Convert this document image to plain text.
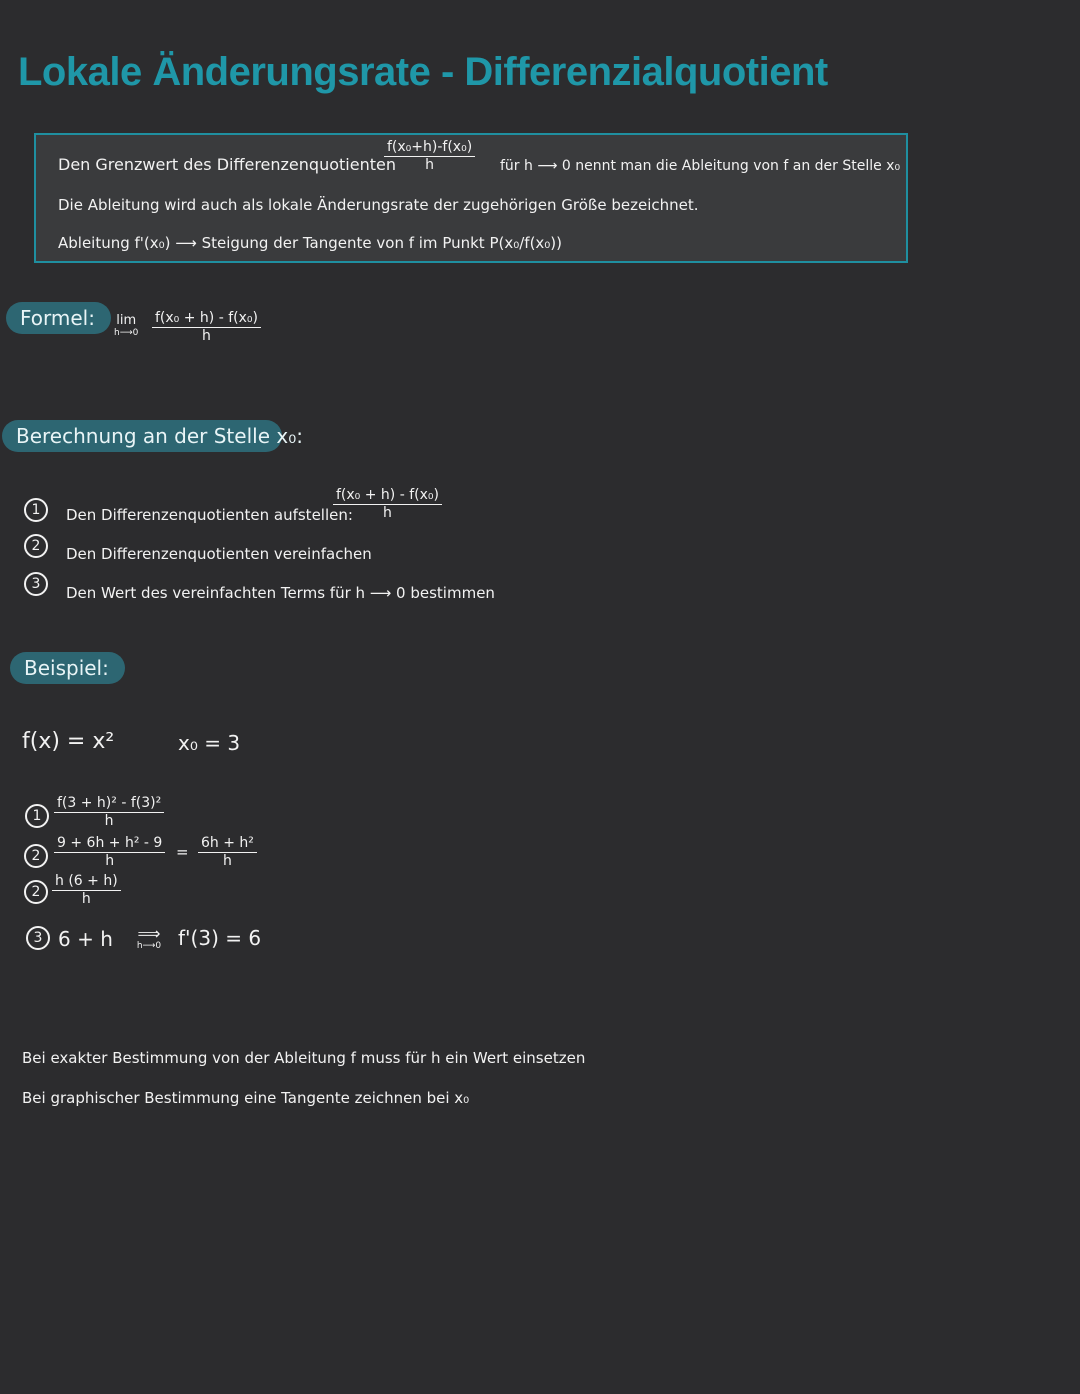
Lokale Änderungsrate - Differenzialquotient
Den Grenzwert des Differenzenquotienten
$\frac{\text{f(x₀+h)-f(x₀)}}{h}$ für h ⟶ 0 nennt man die Ableitung von f an der Stelle x₀
Die Ableitung wird auch als lokale Änderungsrate der zugehörigen Größe bezeichnet.
Ableitung f'(x₀) ⟶ Steigung der Tangente von f im Punkt P(x₀/f(x₀))
Formel:	lim
h⟶0 $\frac{\text{f(x₀ + h) - f(x₀)}}{h}$
Berechnung an der Stelle x₀:
$\frac{\text{f(x₀ + h) - f(x₀)}}{h}$
1	Den Differenzenquotienten aufstellen:
2	Den Differenzenquotienten vereinfachen
3	Den Wert des vereinfachten Terms für h ⟶ 0 bestimmen
Beispiel:
f(x) = x²	x₀ = 3
$1 \frac{\text{f(3 + h)² - f(3)²}}{h}$
$2 \frac{\text{9 + 6h + h² - 9}}{h} = \frac{\text{6h + h²}}{h}$
$2 \frac{h (6 + h)}{h}$
3 6 + h	⟹
h⟶0 f'(3) = 6
Bei exakter Bestimmung von der Ableitung f muss für h ein Wert einsetzen
Bei graphischer Bestimmung eine Tangente zeichnen bei x₀
